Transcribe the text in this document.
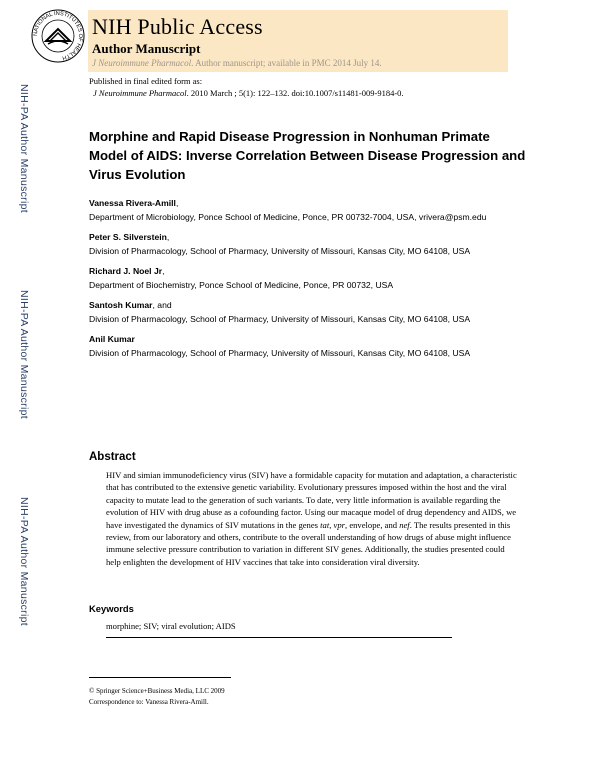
NATIONAL INSTITUTES OF HEALTH
NIH Public Access
Author Manuscript
J Neuroimmune Pharmacol. Author manuscript; available in PMC 2014 July 14.
Published in final edited form as:
J Neuroimmune Pharmacol. 2010 March ; 5(1): 122–132. doi:10.1007/s11481-009-9184-0.
NIH-PA Author Manuscript
NIH-PA Author Manuscript
NIH-PA Author Manuscript
Morphine and Rapid Disease Progression in Nonhuman Primate Model of AIDS: Inverse Correlation Between Disease Progression and Virus Evolution
Vanessa Rivera-Amill,
Department of Microbiology, Ponce School of Medicine, Ponce, PR 00732-7004, USA, vrivera@psm.edu
Peter S. Silverstein,
Division of Pharmacology, School of Pharmacy, University of Missouri, Kansas City, MO 64108, USA
Richard J. Noel Jr,
Department of Biochemistry, Ponce School of Medicine, Ponce, PR 00732, USA
Santosh Kumar, and
Division of Pharmacology, School of Pharmacy, University of Missouri, Kansas City, MO 64108, USA
Anil Kumar
Division of Pharmacology, School of Pharmacy, University of Missouri, Kansas City, MO 64108, USA
Abstract
HIV and simian immunodeficiency virus (SIV) have a formidable capacity for mutation and adaptation, a characteristic that has contributed to the extensive genetic variability. Evolutionary pressures imposed within the host and the viral capacity to mutate lead to the generation of such variants. To date, very little information is available regarding the evolution of HIV with drug abuse as a cofounding factor. Using our macaque model of drug dependency and AIDS, we have investigated the dynamics of SIV mutations in the genes tat, vpr, envelope, and nef. The results presented in this review, from our laboratory and others, contribute to the overall understanding of how drugs of abuse might influence immune selective pressure contribution to variation in different SIV genes. Additionally, the studies presented could help enlighten the development of HIV vaccines that take into consideration viral diversity.
Keywords
morphine; SIV; viral evolution; AIDS
© Springer Science+Business Media, LLC 2009
Correspondence to: Vanessa Rivera-Amill.
